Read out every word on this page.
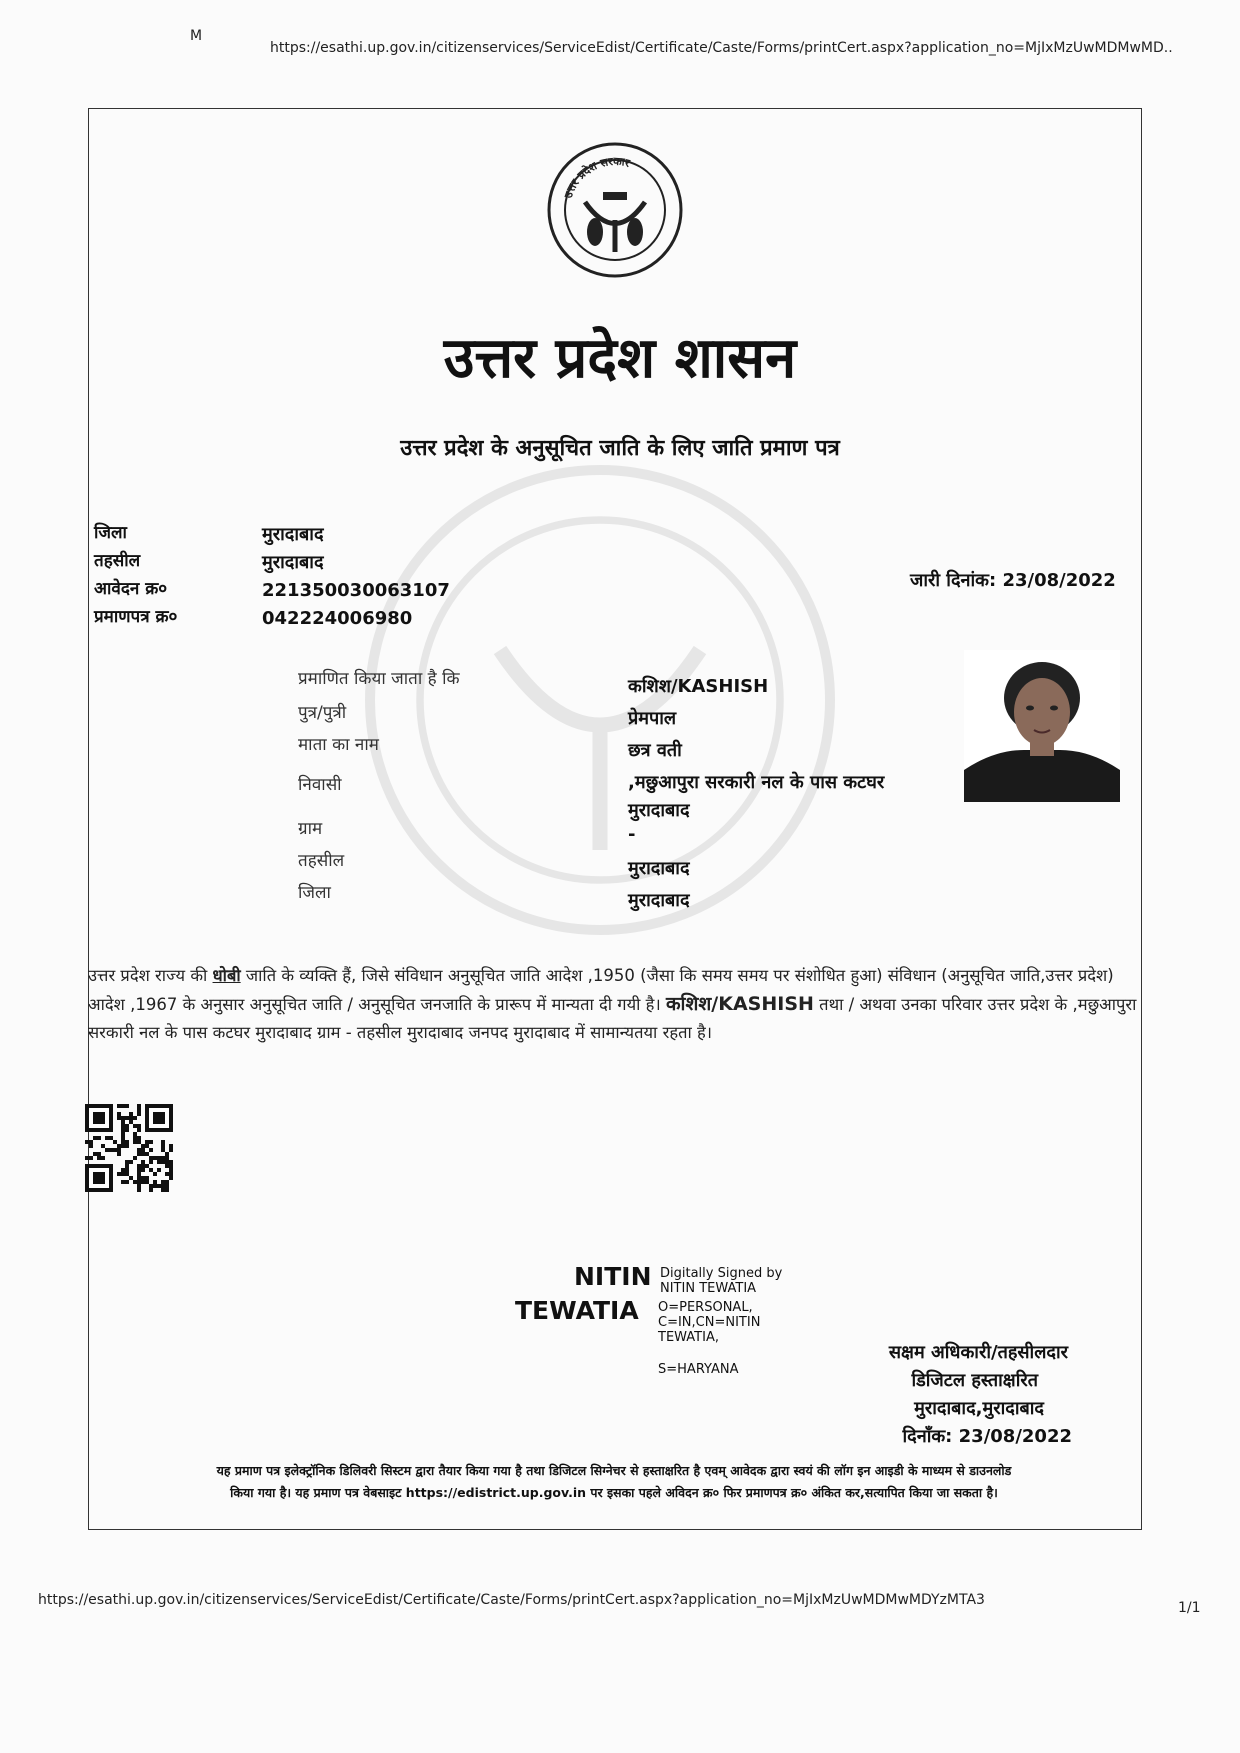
M
https://esathi.up.gov.in/citizenservices/ServiceEdist/Certificate/Caste/Forms/printCert.aspx?application_no=MjIxMzUwMDMwMD..
उत्तर प्रदेश सरकार
उत्तर प्रदेश शासन
उत्तर प्रदेश के अनुसूचित जाति के लिए जाति प्रमाण पत्र
जिला	मुरादाबाद
तहसील	मुरादाबाद
आवेदन क्र०	221350030063107
प्रमाणपत्र क्र०	042224006980
जारी दिनांक: 23/08/2022
प्रमाणित किया जाता है कि	कशिश/KASHISH
पुत्र/पुत्री	प्रेमपाल
माता का नाम	छत्र वती
निवासी	,मछुआपुरा सरकारी नल के पास कटघर
मुरादाबाद
ग्राम	-
तहसील	मुरादाबाद
जिला	मुरादाबाद
उत्तर प्रदेश राज्य की धोबी जाति के व्यक्ति हैं, जिसे संविधान अनुसूचित जाति आदेश ,1950 (जैसा कि समय समय पर संशोधित हुआ) संविधान (अनुसूचित जाति,उत्तर प्रदेश) आदेश ,1967 के अनुसार अनुसूचित जाति / अनुसूचित जनजाति के प्रारूप में मान्यता दी गयी है। कशिश/KASHISH तथा / अथवा उनका परिवार उत्तर प्रदेश के ,मछुआपुरा सरकारी नल के पास कटघर मुरादाबाद ग्राम - तहसील मुरादाबाद जनपद मुरादाबाद में सामान्यतया रहता है।
NITIN
TEWATIA
Digitally Signed by
NITIN TEWATIA
O=PERSONAL,
C=IN,CN=NITIN
TEWATIA,
S=HARYANA
सक्षम अधिकारी/तहसीलदार
डिजिटल हस्ताक्षरित
मुरादाबाद,मुरादाबाद
दिनाँक: 23/08/2022
यह प्रमाण पत्र इलेक्ट्रॉनिक डिलिवरी सिस्टम द्वारा तैयार किया गया है तथा डिजिटल सिग्नेचर से हस्ताक्षरित है एवम् आवेदक द्वारा स्वयं की लॉग इन आइडी के माध्यम से डाउनलोड
किया गया है। यह प्रमाण पत्र वेबसाइट https://edistrict.up.gov.in पर इसका पहले अविदन क्र० फिर प्रमाणपत्र क्र० अंकित कर,सत्यापित किया जा सकता है।
https://esathi.up.gov.in/citizenservices/ServiceEdist/Certificate/Caste/Forms/printCert.aspx?application_no=MjIxMzUwMDMwMDYzMTA3	1/1
